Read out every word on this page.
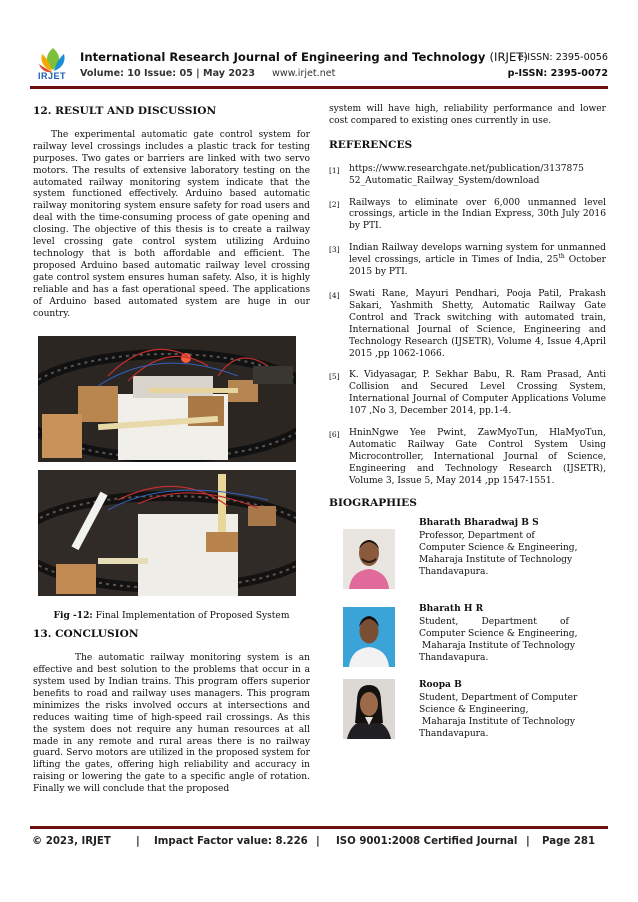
IRJET
International Research Journal of Engineering and Technology (IRJET)
Volume: 10 Issue: 05 | May 2023 www.irjet.net
e-ISSN: 2395-0056
p-ISSN: 2395-0072
12. RESULT AND DISCUSSION

The experimental automatic gate control system for railway level crossings includes a plastic track for testing purposes. Two gates or barriers are linked with two servo motors. The results of extensive laboratory testing on the automated railway monitoring system indicate that the system functioned effectively. Arduino based automatic railway monitoring system ensure safety for road users and deal with the time-consuming process of gate opening and closing. The objective of this thesis is to create a railway level crossing gate control system utilizing Arduino technology that is both affordable and efficient. The proposed Arduino based automatic railway level crossing gate control system ensures human safety. Also, it is highly reliable and has a fast operational speed. The applications of Arduino based automated system are huge in our country.

Fig -12: Final Implementation of Proposed System
13. CONCLUSION

The automatic railway monitoring system is an effective and best solution to the problems that occur in a system used by Indian trains. This program offers superior benefits to road and railway uses managers. This program minimizes the risks involved occurs at intersections and reduces waiting time of high-speed rail crossings. As this the system does not require any human resources at all made in any remote and rural areas there is no railway guard. Servo motors are utilized in the proposed system for lifting the gates, offering high reliability and accuracy in raising or lowering the gate to a specific angle of rotation. Finally we will conclude that the proposed

system will have high, reliability performance and lower cost compared to existing ones currently in use.

REFERENCES
[1] https://www.researchgate.net/publication/3137875 52_Automatic_Railway_System/download
[2] Railways to eliminate over 6,000 unmanned level crossings, article in the Indian Express, 30th July 2016 by PTI.
[3] Indian Railway develops warning system for unmanned level crossings, article in Times of India, 25th October 2015 by PTI.
[4] Swati Rane, Mayuri Pendhari, Pooja Patil, Prakash Sakari, Yashmith Shetty, Automatic Railway Gate Control and Track switching with automated train, International Journal of Science, Engineering and Technology Research (IJSETR), Volume 4, Issue 4,April 2015 ,pp 1062-1066.
[5] K. Vidyasagar, P. Sekhar Babu, R. Ram Prasad, Anti Collision and Secured Level Crossing System, International Journal of Computer Applications Volume 107 ,No 3, December 2014, pp.1-4.
[6] HninNgwe Yee Pwint, ZawMyoTun, HlaMyoTun, Automatic Railway Gate Control System Using Microcontroller, International Journal of Science, Engineering and Technology Research (IJSETR), Volume 3, Issue 5, May 2014 ,pp 1547-1551.
BIOGRAPHIES
Bharath Bharadwaj B S
Professor, Department of
Computer Science & Engineering,
Maharaja Institute of Technology
Thandavapura.
Bharath H R
Student,        Department        of
Computer Science & Engineering,
Maharaja Institute of Technology
Thandavapura.
Roopa B
Student, Department of Computer
Science & Engineering,
Maharaja Institute of Technology
Thandavapura.
© 2023, IRJET | Impact Factor value: 8.226 | ISO 9001:2008 Certified Journal | Page 281
